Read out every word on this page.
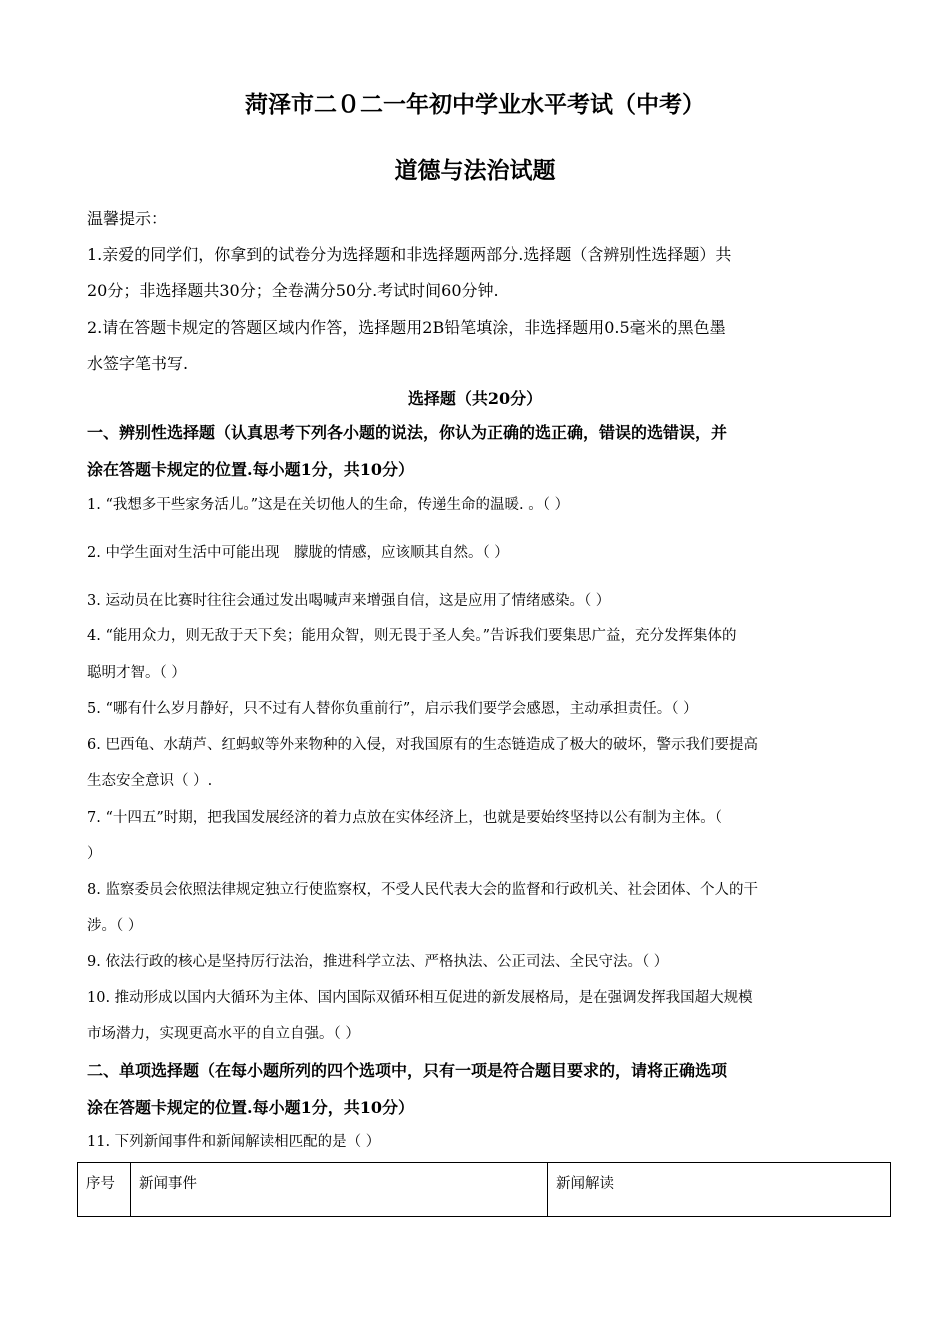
菏泽市二０二一年初中学业水平考试（中考）
道德与法治试题
温馨提示：
1.亲爱的同学们，你拿到的试卷分为选择题和非选择题两部分.选择题（含辨别性选择题）共
20分；非选择题共30分；全卷满分50分.考试时间60分钟.
2.请在答题卡规定的答题区域内作答，选择题用2B铅笔填涂，非选择题用0.5毫米的黑色墨
水签字笔书写.
选择题（共20分）
一、辨别性选择题（认真思考下列各小题的说法，你认为正确的选正确，错误的选错误，并
涂在答题卡规定的位置.每小题1分，共10分）
1. “我想多干些家务活儿。”这是在关切他人的生命，传递生命的温暖. 。（ ）
2. 中学生面对生活中可能出现　朦胧的情感，应该顺其自然。（ ）
3. 运动员在比赛时往往会通过发出喝喊声来增强自信，这是应用了情绪感染。（ ）
4. “能用众力，则无敌于天下矣；能用众智，则无畏于圣人矣。”告诉我们要集思广益，充分发挥集体的
聪明才智。（ ）
5. “哪有什么岁月静好，只不过有人替你负重前行”，启示我们要学会感恩，主动承担责任。（ ）
6. 巴西龟、水葫芦、红蚂蚁等外来物种的入侵，对我国原有的生态链造成了极大的破坏，警示我们要提高
生态安全意识（ ）.
7. “十四五”时期，把我国发展经济的着力点放在实体经济上，也就是要始终坚持以公有制为主体。（
）
8. 监察委员会依照法律规定独立行使监察权，不受人民代表大会的监督和行政机关、社会团体、个人的干
涉。（ ）
9. 依法行政的核心是坚持厉行法治，推进科学立法、严格执法、公正司法、全民守法。（ ）
10. 推动形成以国内大循环为主体、国内国际双循环相互促进的新发展格局，是在强调发挥我国超大规模
市场潜力，实现更高水平的自立自强。（ ）
二、单项选择题（在每小题所列的四个选项中，只有一项是符合题目要求的，请将正确选项
涂在答题卡规定的位置.每小题1分，共10分）
11. 下列新闻事件和新闻解读相匹配的是（ ）
序号	新闻事件	新闻解读
